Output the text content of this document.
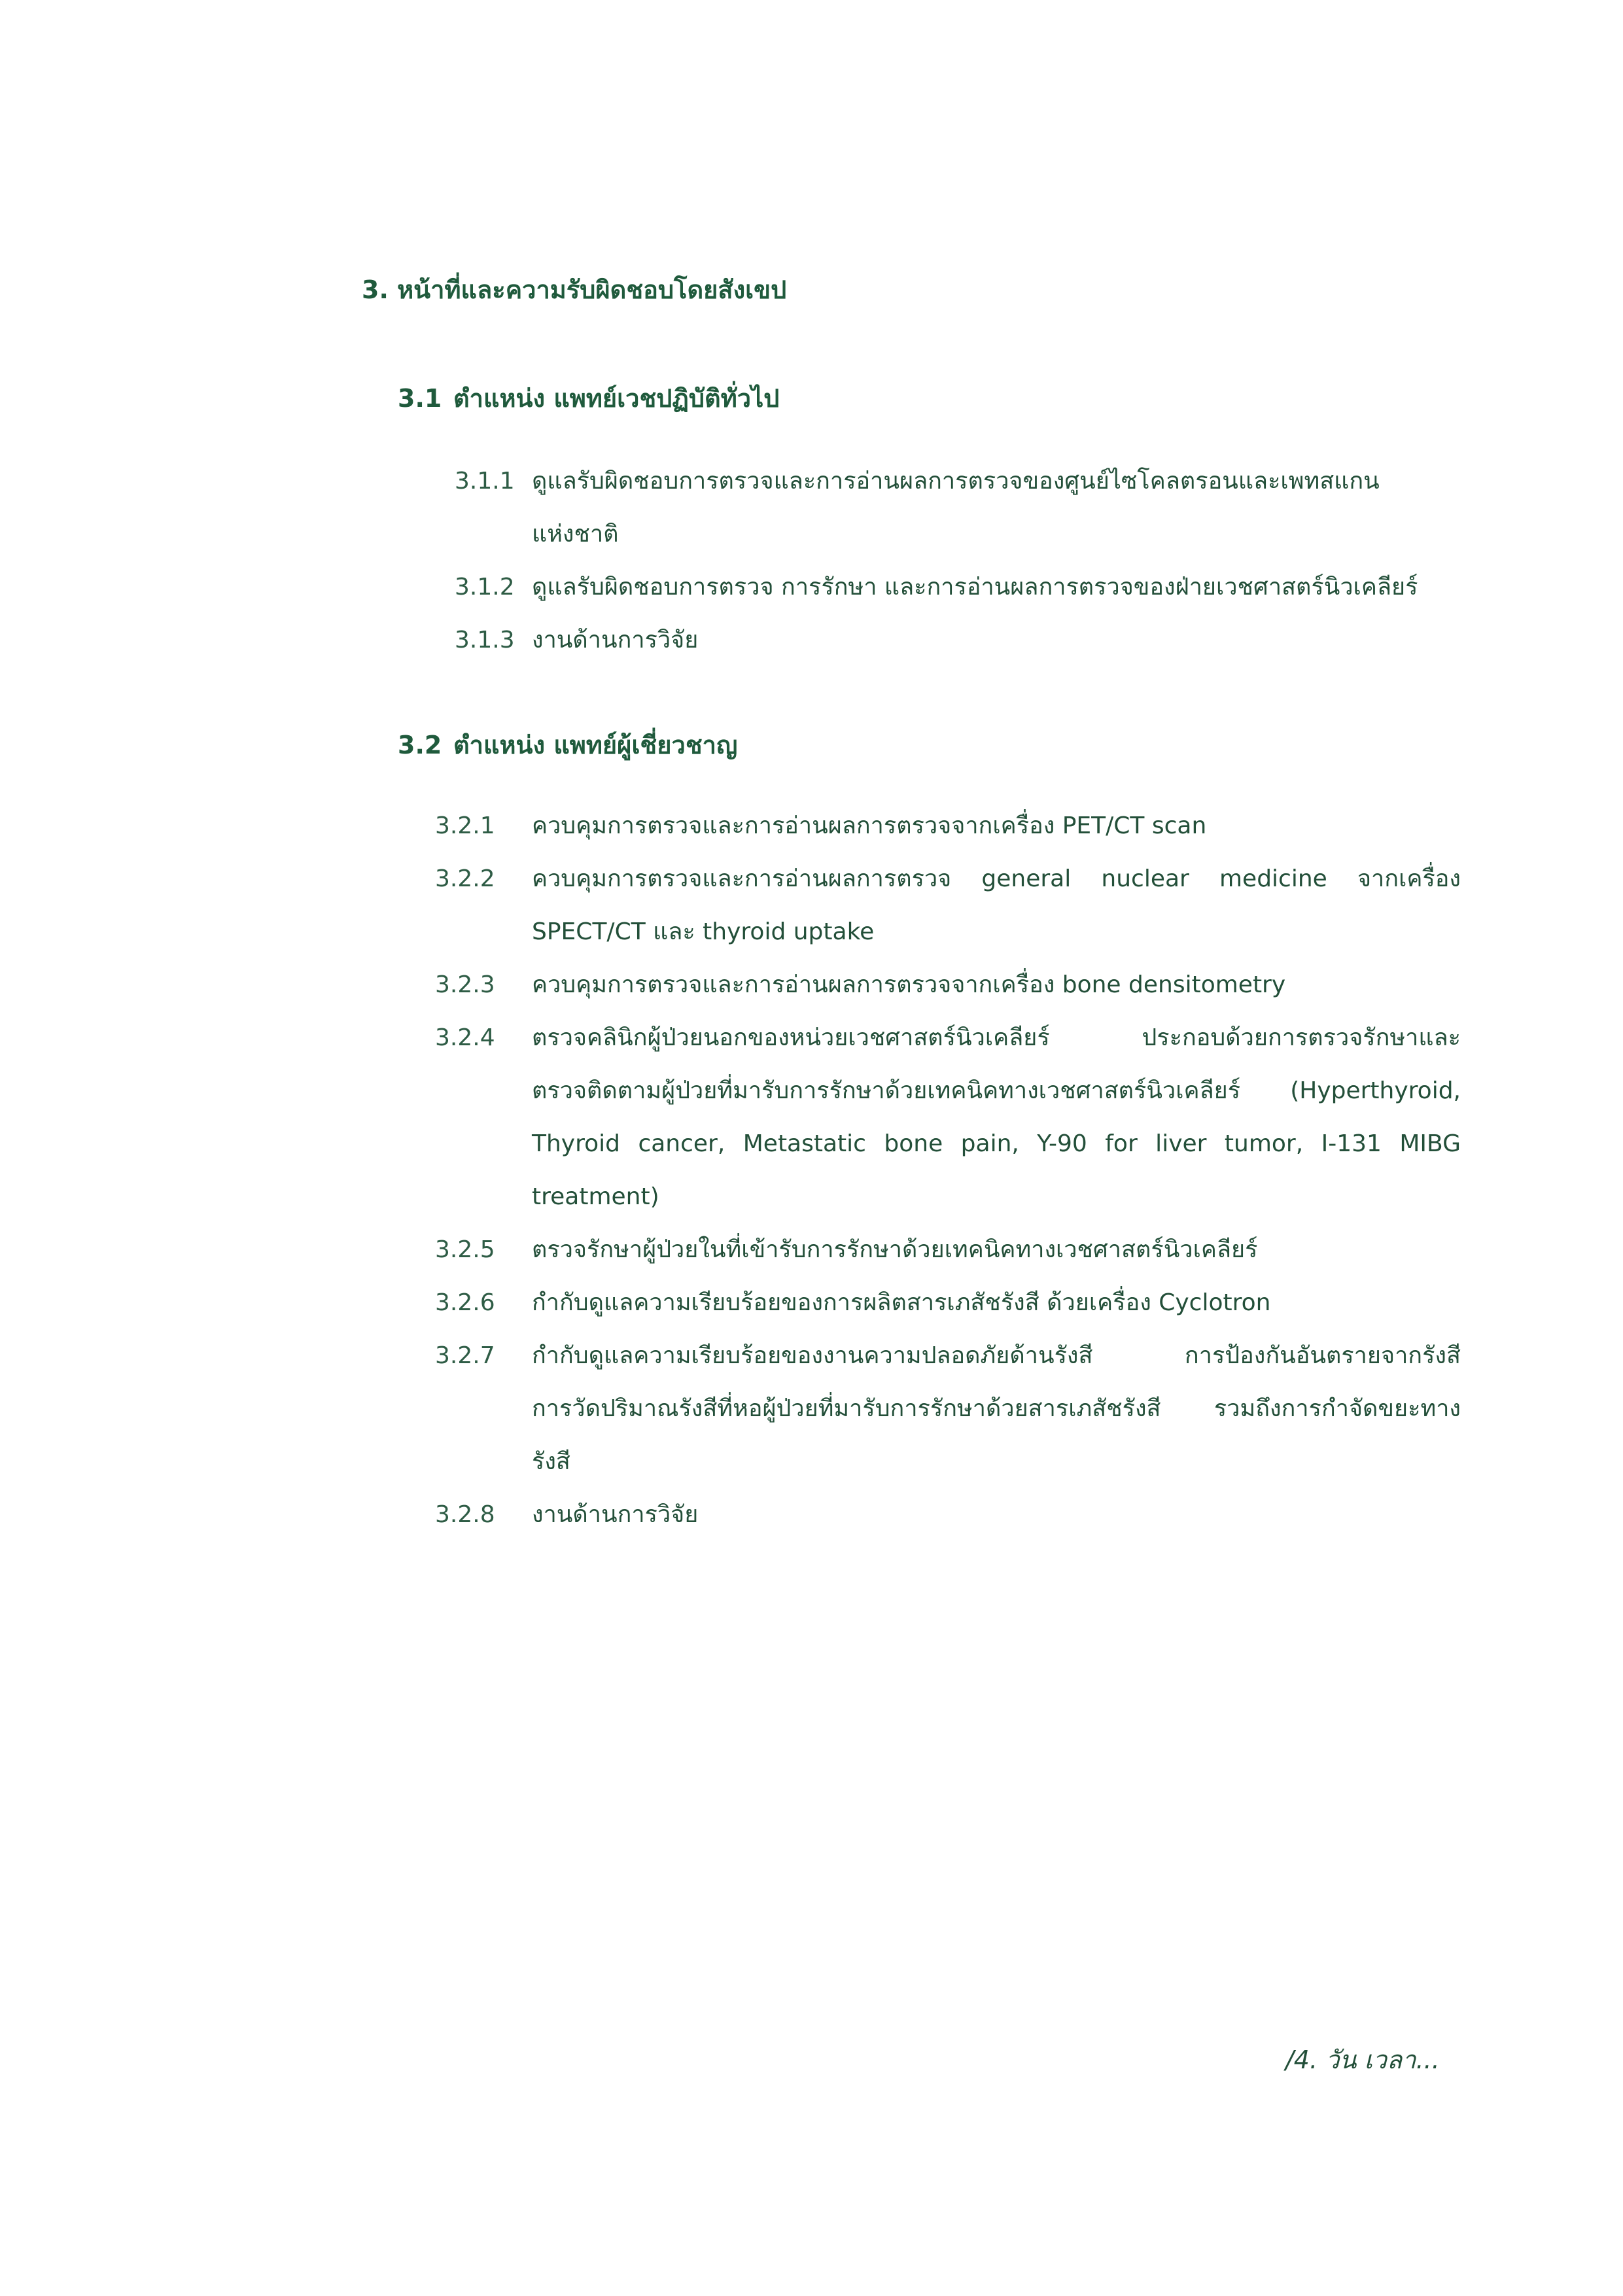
3. หน้าที่และความรับผิดชอบโดยสังเขป
3.1 ตำแหน่ง แพทย์เวชปฏิบัติทั่วไป
3.1.1 ดูแลรับผิดชอบการตรวจและการอ่านผลการตรวจของศูนย์ไซโคลตรอนและเพทสแกน
แห่งชาติ
3.1.2 ดูแลรับผิดชอบการตรวจ การรักษา และการอ่านผลการตรวจของฝ่ายเวชศาสตร์นิวเคลียร์
3.1.3 งานด้านการวิจัย
3.2 ตำแหน่ง แพทย์ผู้เชี่ยวชาญ
3.2.1 ควบคุมการตรวจและการอ่านผลการตรวจจากเครื่อง PET/CT scan
3.2.2 ควบคุมการตรวจและการอ่านผลการตรวจ general nuclear medicine จากเครื่อง
SPECT/CT และ thyroid uptake
3.2.3 ควบคุมการตรวจและการอ่านผลการตรวจจากเครื่อง bone densitometry
3.2.4 ตรวจคลินิกผู้ป่วยนอกของหน่วยเวชศาสตร์นิวเคลียร์ ประกอบด้วยการตรวจรักษาและ
ตรวจติดตามผู้ป่วยที่มารับการรักษาด้วยเทคนิคทางเวชศาสตร์นิวเคลียร์ (Hyperthyroid,
Thyroid cancer, Metastatic bone pain, Y-90 for liver tumor, I-131 MIBG
treatment)
3.2.5 ตรวจรักษาผู้ป่วยในที่เข้ารับการรักษาด้วยเทคนิคทางเวชศาสตร์นิวเคลียร์
3.2.6 กำกับดูแลความเรียบร้อยของการผลิตสารเภสัชรังสี ด้วยเครื่อง Cyclotron
3.2.7 กำกับดูแลความเรียบร้อยของงานความปลอดภัยด้านรังสี การป้องกันอันตรายจากรังสี
การวัดปริมาณรังสีที่หอผู้ป่วยที่มารับการรักษาด้วยสารเภสัชรังสี รวมถึงการกำจัดขยะทาง
รังสี
3.2.8 งานด้านการวิจัย
/4. วัน เวลา...
